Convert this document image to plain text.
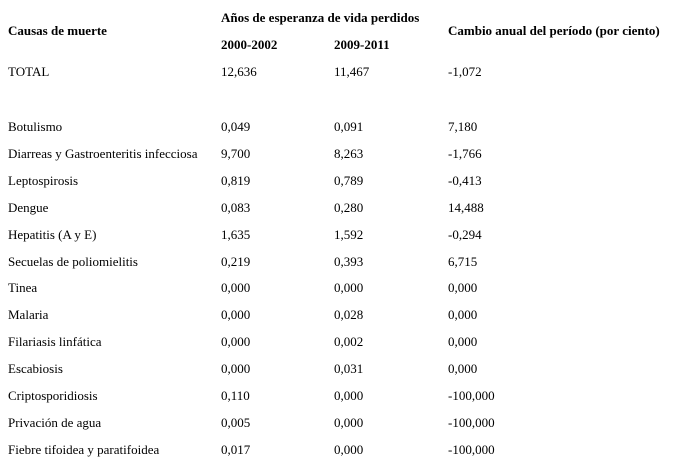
Causas de muerte
Años de esperanza de vida perdidos
2000-2002	2009-2011
Cambio anual del período (por ciento)
TOTAL	12,636	11,467	-1,072
Botulismo	0,049	0,091	7,180
Diarreas y Gastroenteritis infecciosa 9,700	8,263	-1,766
Leptospirosis	0,819	0,789	-0,413
Dengue	0,083	0,280	14,488
Hepatitis (A y E)	1,635	1,592	-0,294
Secuelas de poliomielitis	0,219	0,393	6,715
Tinea	0,000	0,000	0,000
Malaria	0,000	0,028	0,000
Filariasis linfática	0,000	0,002	0,000
Escabiosis	0,000	0,031	0,000
Criptosporidiosis	0,110	0,000	-100,000
Privación de agua	0,005	0,000	-100,000
Fiebre tifoidea y paratifoidea	0,017	0,000	-100,000
